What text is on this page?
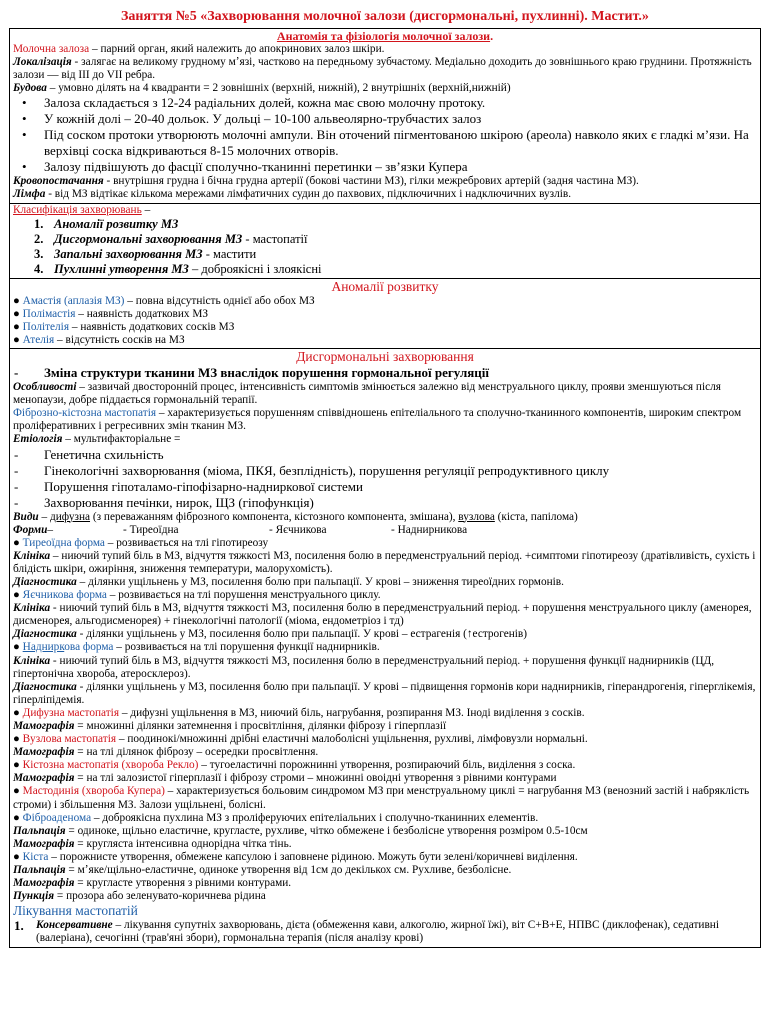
Заняття №5 «Захворювання молочної залози (дисгормональні, пухлинні). Мастит.»
Анатомія та фізіологія молочної залози.
Молочна залоза – парний орган, який належить до апокринових залоз шкіри.
Локалізація - залягає на великому грудному мʼязі, частково на передньому зубчастому. Медіально доходить до зовнішнього краю груднини. Протяжність залози — від III до VII ребра.
Будова – умовно ділять на 4 квадранти = 2 зовнішніх (верхній, нижній), 2 внутрішніх (верхній,нижній)
• Залоза складається з 12-24 радіальних долей, кожна має свою молочну протоку.
• У кожній долі – 20-40 дольок. У дольці – 10-100 альвеолярно-трубчастих залоз
• Під соском протоки утворюють молочні ампули. Він оточений пігментованою шкірою (ареола) навколо яких є гладкі мʼязи. На верхівці соска відкриваються 8-15 молочних отворів.
• Залозу підвішують до фасції сполучно-тканинні перетинки – звʼязки Купера
Кровопостачання - внутрішня грудна і бічна грудна артерії (бокові частини МЗ), гілки межребрових артерій (задня частина МЗ).
Лімфа - від МЗ відтікає кількома мережами лімфатичних судин до пахвових, підключичних і надключичних вузлів.
Класифікація захворювань –
1. Аномалії розвитку МЗ
2. Дисгормональні захворювання МЗ - мастопатії
3. Запальні захворювання МЗ - мастити
4. Пухлинні утворення МЗ – доброякісні і злоякісні
Аномалії розвитку
● Амастія (аплазія МЗ) – повна відсутність однієї або обох МЗ
● Полімастія – наявність додаткових МЗ
● Політелія – наявність додаткових сосків МЗ
● Ателія – відсутність сосків на МЗ
Дисгормональні захворювання
- Зміна структури тканини МЗ внаслідок порушення гормональної регуляції
Особливості – зазвичай двосторонній процес, інтенсивність симптомів змінюється залежно від менструального циклу, прояви зменшуються після менопаузи, добре піддається гормональній терапії.
Фіброзно-кістозна мастопатія – характеризується порушенням співвідношень епітеліального та сполучно-тканинного компонентів, широким спектром проліферативних і регресивних змін тканин МЗ.
Етіологія – мультифакторіальне =
- Генетична схильність
- Гінекологічні захворювання (міома, ПКЯ, безплідність), порушення регуляції репродуктивного циклу
- Порушення гіпоталамо-гіпофізарно-надниркової системи
- Захворювання печінки, нирок, ЩЗ (гіпофункція)
Види – дифузна (з переважанням фіброзного компонента, кістозного компонента, змішана), вузлова (кіста, папілома)
Форми–	- Тиреоїдна	- Яєчникова	- Наднирникова
● Тиреоїдна форма – розвивається на тлі гіпотиреозу
Клініка – ниючий тупий біль в МЗ, відчуття тяжкості МЗ, посилення болю в передменструальний період. +симптоми гіпотиреозу (дратівливість, сухість і блідість шкіри, ожиріння, зниження температури, малорухомість).
Діагностика – ділянки ущільнень у МЗ, посилення болю при пальпації. У крові – зниження тиреоїдних гормонів.
● Яєчникова форма – розвивається на тлі порушення менструального циклу.
Клініка - ниючий тупий біль в МЗ, відчуття тяжкості МЗ, посилення болю в передменструальний період. + порушення менструального циклу (аменорея, дисменорея, альгодисменорея) + гінекологічні патології (міома, ендометріоз і тд)
Діагностика - ділянки ущільнень у МЗ, посилення болю при пальпації. У крові – естрагенія (↑естрогенів)
● Надниркова форма – розвивається на тлі порушення функції наднирників.
Клініка - ниючий тупий біль в МЗ, відчуття тяжкості МЗ, посилення болю в передменструальний період. + порушення функції наднирників (ЦД, гіпертонічна хвороба, атеросклероз).
Діагностика - ділянки ущільнень у МЗ, посилення болю при пальпації. У крові – підвищення гормонів кори наднирників, гіперандрогенія, гіперглікемія, гіперліпідемія.
● Дифузна мастопатія – дифузні ущільнення в МЗ, ниючий біль, нагрубання, розпирання МЗ. Іноді виділення з сосків.
Мамографія = множинні ділянки затемнення і просвітління, ділянки фіброзу і гіперплазії
● Вузлова мастопатія – поодинокі/множинні дрібні еластичні малоболісні ущільнення, рухливі, лімфовузли нормальні.
Мамографія = на тлі ділянок фіброзу – осередки просвітлення.
● Кістозна мастопатія (хвороба Рекло) – тугоеластичні порожнинні утворення, розпираючий біль, виділення з соска.
Мамографія = на тлі залозистої гіперплазії і фіброзу строми – множинні овоідні утворення з рівними контурами
● Мастодинія (хвороба Купера) – характеризується больовим синдромом МЗ при менструальному циклі = нагрубання МЗ (венозний застій і набряклість строми) і збільшення МЗ. Залози ущільнені, болісні.
● Фіброаденома – доброякісна пухлина МЗ з проліферуючих епітеліальних і сполучно-тканинних елементів.
Пальпація = одиноке, щільно еластичне, кругласте, рухливе, чітко обмежене і безболісне утворення розміром 0.5-10см
Мамографія = кругляста інтенсивна однорідна чітка тінь.
● Кіста – порожнисте утворення, обмежене капсулою і заповнене рідиною. Можуть бути зелені/коричневі виділення.
Пальпація = мʼяке/щільно-еластичне, одиноке утворення від 1см до декількох см. Рухливе, безболісне.
Мамографія = кругласте утворення з рівними контурами.
Пункція = прозора або зеленувато-коричнева рідина
Лікування мастопатій
1. Консервативне – лікування супутніх захворювань, дієта (обмеження кави, алкоголю, жирної їжі), віт С+В+Е, НПВС (диклофенак), седативні (валеріана), сечогінні (трав'яні збори), гормональна терапія (після аналізу крові)
